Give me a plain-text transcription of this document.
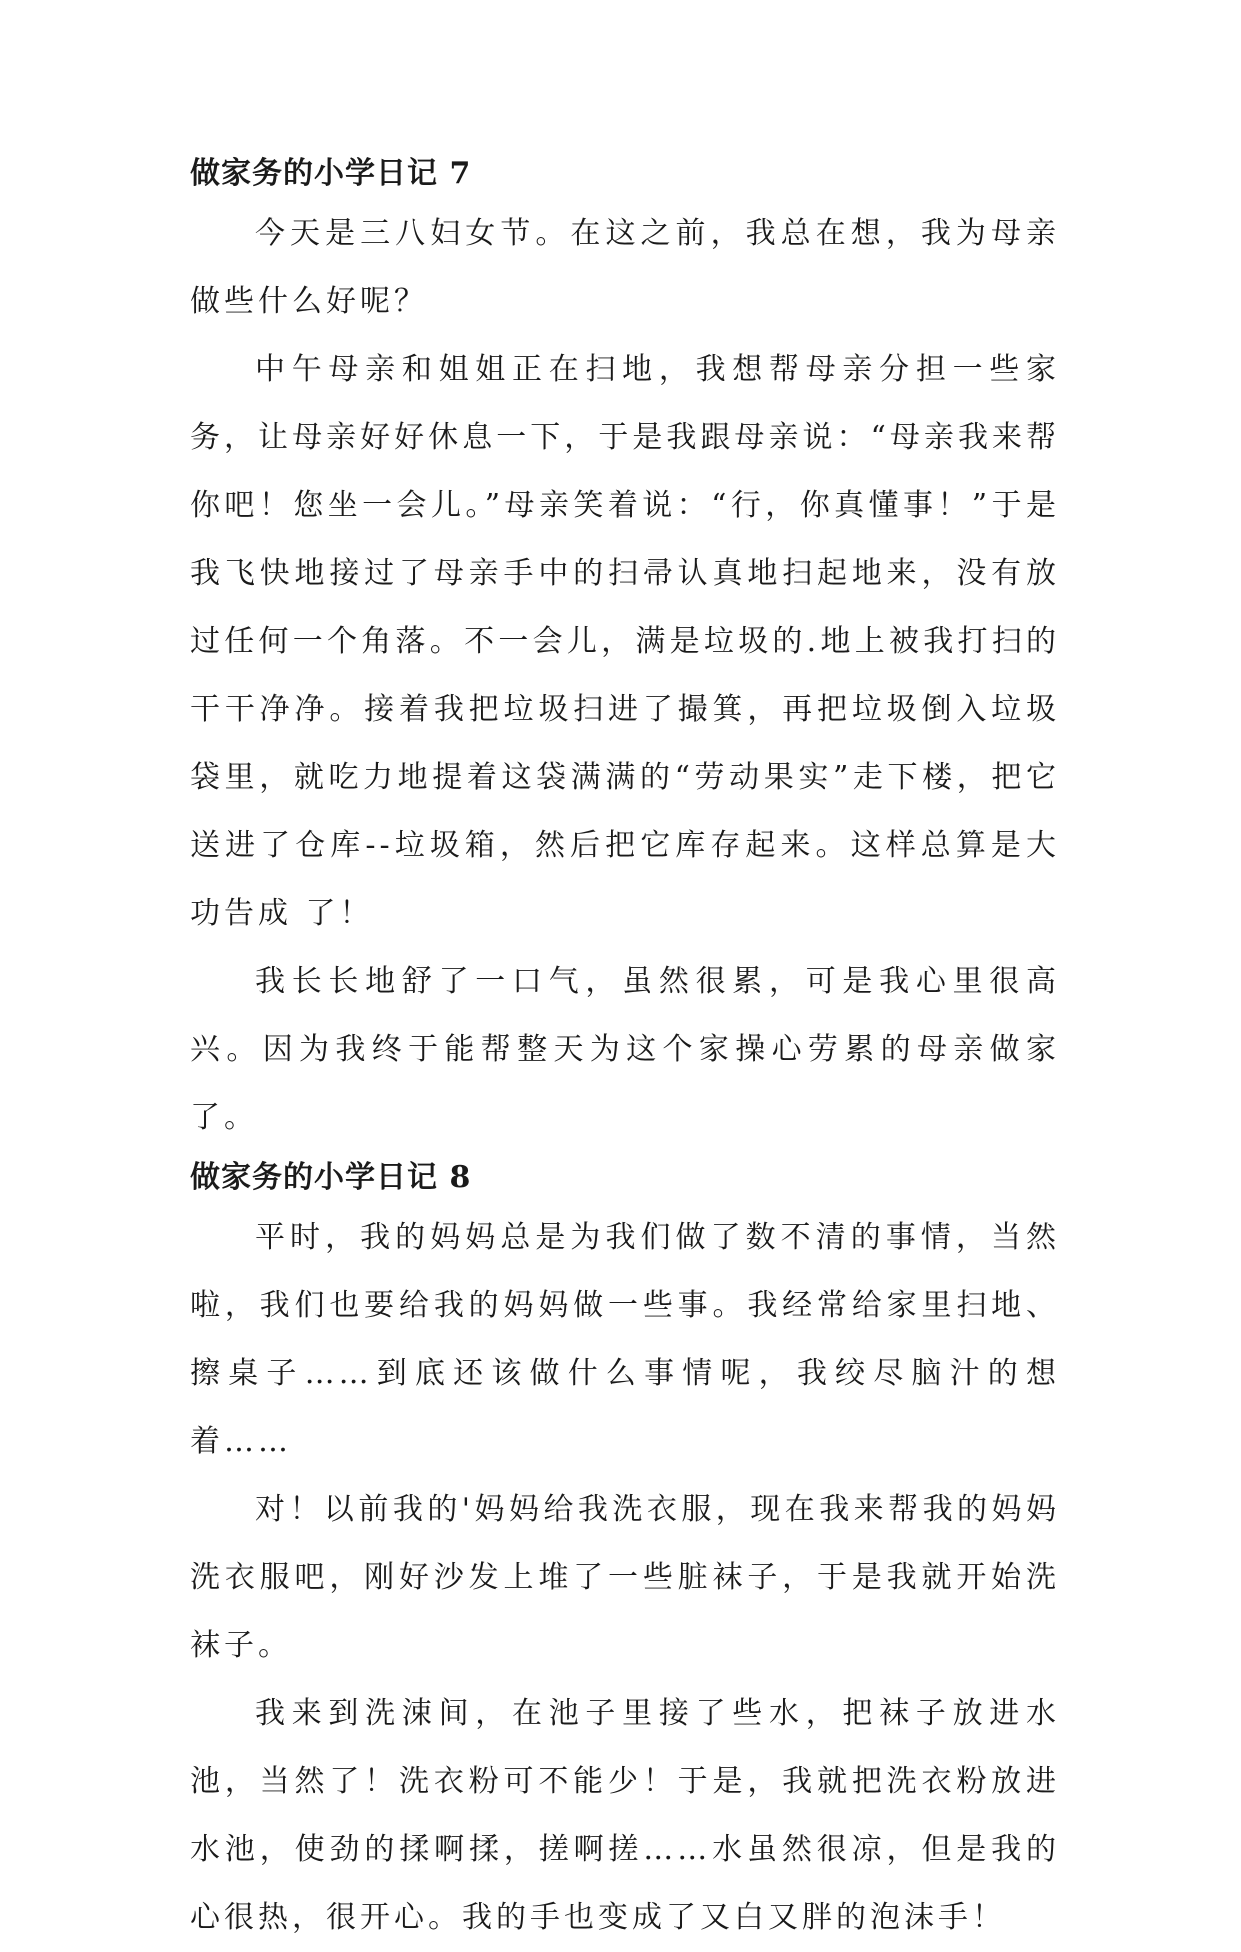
做家务的小学日记 7

今天是三八妇女节。在这之前，我总在想，我为母亲做些什么好呢？

中午母亲和姐姐正在扫地，我想帮母亲分担一些家务，让母亲好好休息一下，于是我跟母亲说：“母亲我来帮你吧！您坐一会儿。”母亲笑着说：“行，你真懂事！”于是我飞快地接过了母亲手中的扫帚认真地扫起地来，没有放过任何一个角落。不一会儿，满是垃圾的.地上被我打扫的干干净净。接着我把垃圾扫进了撮箕，再把垃圾倒入垃圾袋里，就吃力地提着这袋满满的“劳动果实”走下楼，把它送进了仓库--垃圾箱，然后把它库存起来。这样总算是大功告成 了！

我长长地舒了一口气，虽然很累，可是我心里很高兴。因为我终于能帮整天为这个家操心劳累的母亲做家了。

做家务的小学日记 8

平时，我的妈妈总是为我们做了数不清的事情，当然啦，我们也要给我的妈妈做一些事。我经常给家里扫地、擦桌子……到底还该做什么事情呢，我绞尽脑汁的想着……

对！以前我的'妈妈给我洗衣服，现在我来帮我的妈妈洗衣服吧，刚好沙发上堆了一些脏袜子，于是我就开始洗袜子。

我来到洗涑间，在池子里接了些水，把袜子放进水池，当然了！洗衣粉可不能少！于是，我就把洗衣粉放进水池，使劲的揉啊揉，搓啊搓……水虽然很凉，但是我的心很热，很开心。我的手也变成了又白又胖的泡沫手！
